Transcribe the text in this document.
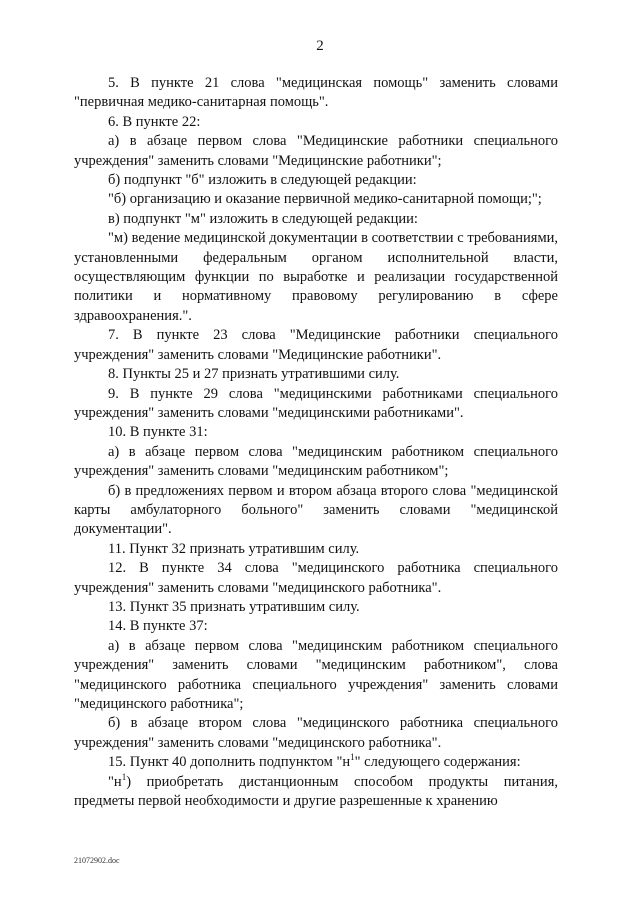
2

5. В пункте 21 слова "медицинская помощь" заменить словами "первичная медико-санитарная помощь".

6. В пункте 22:

а) в абзаце первом слова "Медицинские работники специального учреждения" заменить словами "Медицинские работники";

б) подпункт "б" изложить в следующей редакции:

"б) организацию и оказание первичной медико-санитарной помощи;";

в) подпункт "м" изложить в следующей редакции:

"м) ведение медицинской документации в соответствии с требованиями, установленными федеральным органом исполнительной власти, осуществляющим функции по выработке и реализации государственной политики и нормативному правовому регулированию в сфере здравоохранения.".

7. В пункте 23 слова "Медицинские работники специального учреждения" заменить словами "Медицинские работники".

8. Пункты 25 и 27 признать утратившими силу.

9. В пункте 29 слова "медицинскими работниками специального учреждения" заменить словами "медицинскими работниками".

10. В пункте 31:

а) в абзаце первом слова "медицинским работником специального учреждения" заменить словами "медицинским работником";

б) в предложениях первом и втором абзаца второго слова "медицинской карты амбулаторного больного" заменить словами "медицинской документации".

11. Пункт 32 признать утратившим силу.

12. В пункте 34 слова "медицинского работника специального учреждения" заменить словами "медицинского работника".

13. Пункт 35 признать утратившим силу.

14. В пункте 37:

а) в абзаце первом слова "медицинским работником специального учреждения" заменить словами "медицинским работником", слова "медицинского работника специального учреждения" заменить словами "медицинского работника";

б) в абзаце втором слова "медицинского работника специального учреждения" заменить словами "медицинского работника".

15. Пункт 40 дополнить подпунктом "$н^1$" следующего содержания:

"$н^1$) приобретать дистанционным способом продукты питания, предметы первой необходимости и другие разрешенные к хранению

21072902.doc
